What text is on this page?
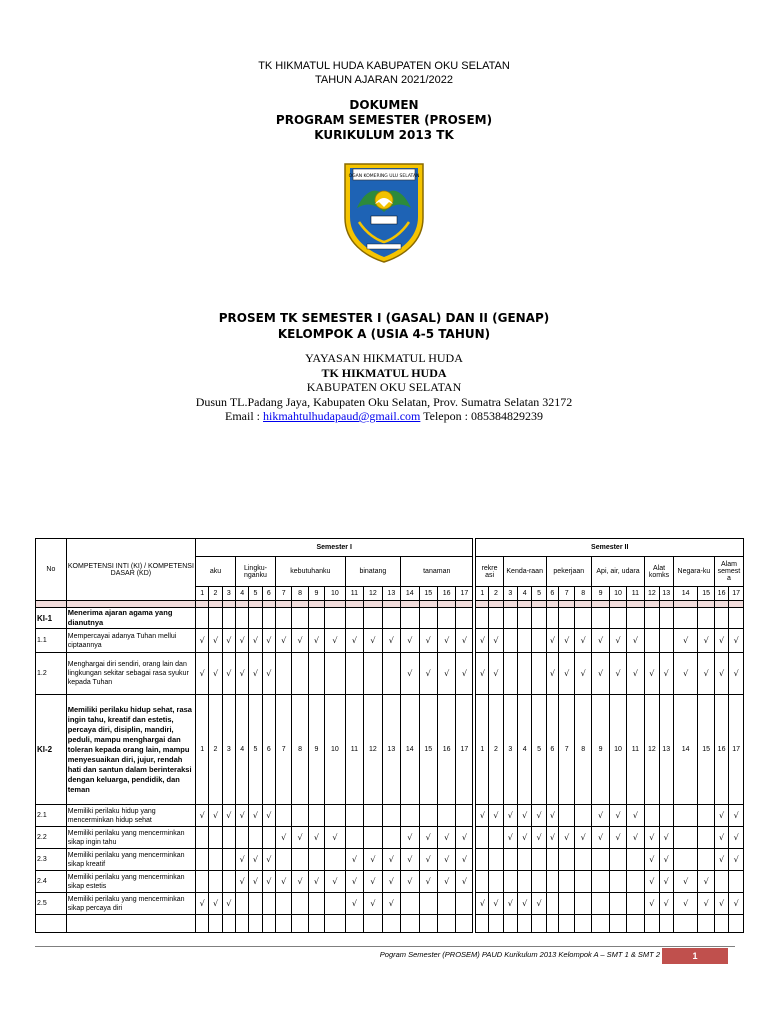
TK HIKMATUL HUDA KABUPATEN OKU SELATAN
TAHUN AJARAN 2021/2022
DOKUMEN
PROGRAM SEMESTER (PROSEM)
KURIKULUM 2013 TK
OGAN KOMERING ULU SELATAN
PROSEM TK SEMESTER I (GASAL) DAN II (GENAP)
KELOMPOK A (USIA 4-5 TAHUN)
YAYASAN HIKMATUL HUDA
TK HIKMATUL HUDA
KABUPATEN OKU SELATAN
Dusun TL.Padang Jaya, Kabupaten Oku Selatan, Prov. Sumatra Selatan 32172
Email : hikmahtulhudapaud@gmail.com Telepon : 085384829239
No	KOMPETENSI INTI (KI) / KOMPETENSI DASAR (KD)	Semester I																	Semester II																
		aku			Lingku-nganku			kebutuhanku				binatang			tanaman				rekre asi		Kenda-raan			pekerjaan			Api, air, udara			Alat komks		Negara-ku		Alam semest a	
		1	2	3	4	5	6	7	8	9	10	11	12	13	14	15	16	17	1	2	3	4	5	6	7	8	9	10	11	12	13	14	15	16	17

KI-1	Menerima ajaran agama yang dianutnya																																		
1.1	Mempercayai adanya Tuhan mellui ciptaannya	√	√	√	√	√	√	√	√	√	√	√	√	√	√	√	√	√	√	√				√	√	√	√	√	√			√	√	√	√
1.2	Menghargai diri sendiri, orang lain dan lingkungan sekitar sebagai rasa syukur kepada Tuhan	√	√	√	√	√	√								√	√	√	√	√	√				√	√	√	√	√	√	√	√	√	√	√	√
KI-2	Memiliki perilaku hidup sehat, rasa ingin tahu, kreatif dan estetis, percaya diri, disiplin, mandiri, peduli, mampu menghargai dan toleran kepada orang lain, mampu menyesuaikan diri, jujur, rendah hati dan santun dalam berinteraksi dengan keluarga, pendidik, dan teman	1	2	3	4	5	6	7	8	9	10	11	12	13	14	15	16	17	1	2	3	4	5	6	7	8	9	10	11	12	13	14	15	16	17
2.1	Memiliki perilaku hidup yang mencerminkan hidup sehat	√	√	√	√	√	√												√	√	√	√	√	√			√	√	√					√	√
2.2	Memiliki perilaku yang mencerminkan sikap ingin tahu							√	√	√	√				√	√	√	√			√	√	√	√	√	√	√	√	√	√	√			√	√
2.3	Memiliki perilaku yang mencerminkan sikap kreatif				√	√	√					√	√	√	√	√	√	√												√	√			√	√
2.4	Memiliki perilaku yang mencerminkan sikap estetis				√	√	√	√	√	√	√	√	√	√	√	√	√	√												√	√	√	√		
2.5	Memiliki perilaku yang mencerminkan sikap percaya diri	√	√	√								√	√	√					√	√	√	√	√							√	√	√	√	√	√

Pogram Semester (PROSEM) PAUD Kurikulum 2013 Kelompok A – SMT 1 & SMT 2	1
